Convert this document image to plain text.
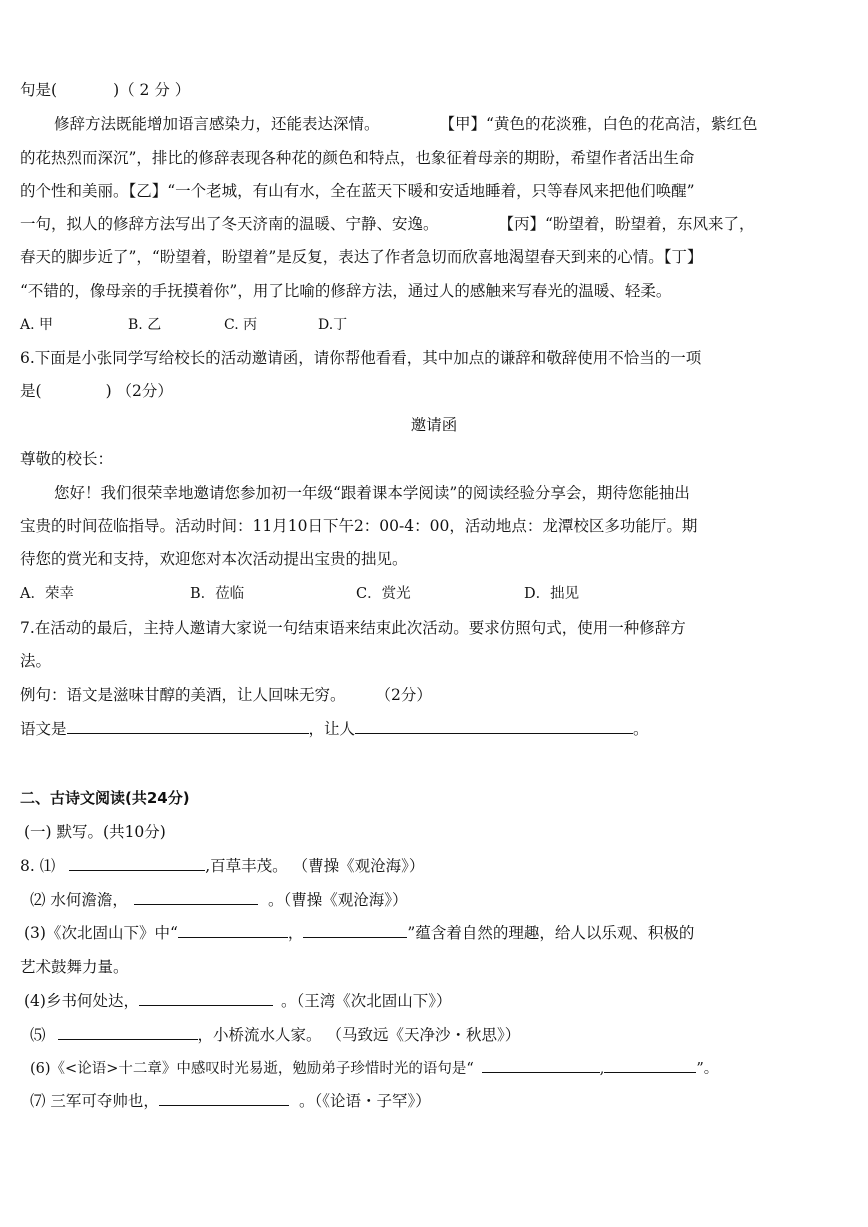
句是(	)（ 2 分 ）
修辞方法既能增加语言感染力，还能表达深情。	【甲】“黄色的花淡雅，白色的花高洁，紫红色
的花热烈而深沉”，排比的修辞表现各种花的颜色和特点，也象征着母亲的期盼，希望作者活出生命
的个性和美丽。【乙】“一个老城，有山有水，全在蓝天下暖和安适地睡着，只等春风来把他们唤醒”
一句，拟人的修辞方法写出了冬天济南的温暖、宁静、安逸。	【丙】“盼望着，盼望着，东风来了，
春天的脚步近了”，“盼望着，盼望着”是反复，表达了作者急切而欣喜地渴望春天到来的心情。【丁】
“不错的，像母亲的手抚摸着你”，用了比喻的修辞方法，通过人的感触来写春光的温暖、轻柔。
A. 甲	B. 乙	C. 丙	D.丁
6.下面是小张同学写给校长的活动邀请函，请你帮他看看，其中加点的谦辞和敬辞使用不恰当的一项
是(	) （2分）
邀请函
尊敬的校长：
您好！我们很荣幸地邀请您参加初一年级“跟着课本学阅读”的阅读经验分享会，期待您能抽出
宝贵的时间莅临指导。活动时间：11月10日下午2：00-4：00，活动地点：龙潭校区多功能厅。期
待您的赏光和支持，欢迎您对本次活动提出宝贵的拙见。
A．荣幸	B．莅临	C．赏光	D．拙见
7.在活动的最后，主持人邀请大家说一句结束语来结束此次活动。要求仿照句式，使用一种修辞方
法。
例句：语文是滋味甘醇的美酒，让人回味无穷。 （2分）
语文是	，让人	。
二、古诗文阅读(共24分)
(一) 默写。(共10分)
8. ⑴	,百草丰茂。 （曹操《观沧海》）
⑵ 水何澹澹，	。（曹操《观沧海》）
(3)《次北固山下》中“	，	”蕴含着自然的理趣，给人以乐观、积极的
艺术鼓舞力量。
(4)乡书何处达，	。（王湾《次北固山下》）
⑸	，小桥流水人家。 （马致远《天净沙・秋思》）
(6)《<论语>十二章》中感叹时光易逝，勉励弟子珍惜时光的语句是“	,	”。
⑺ 三军可夺帅也，	。（《论语・子罕》）
